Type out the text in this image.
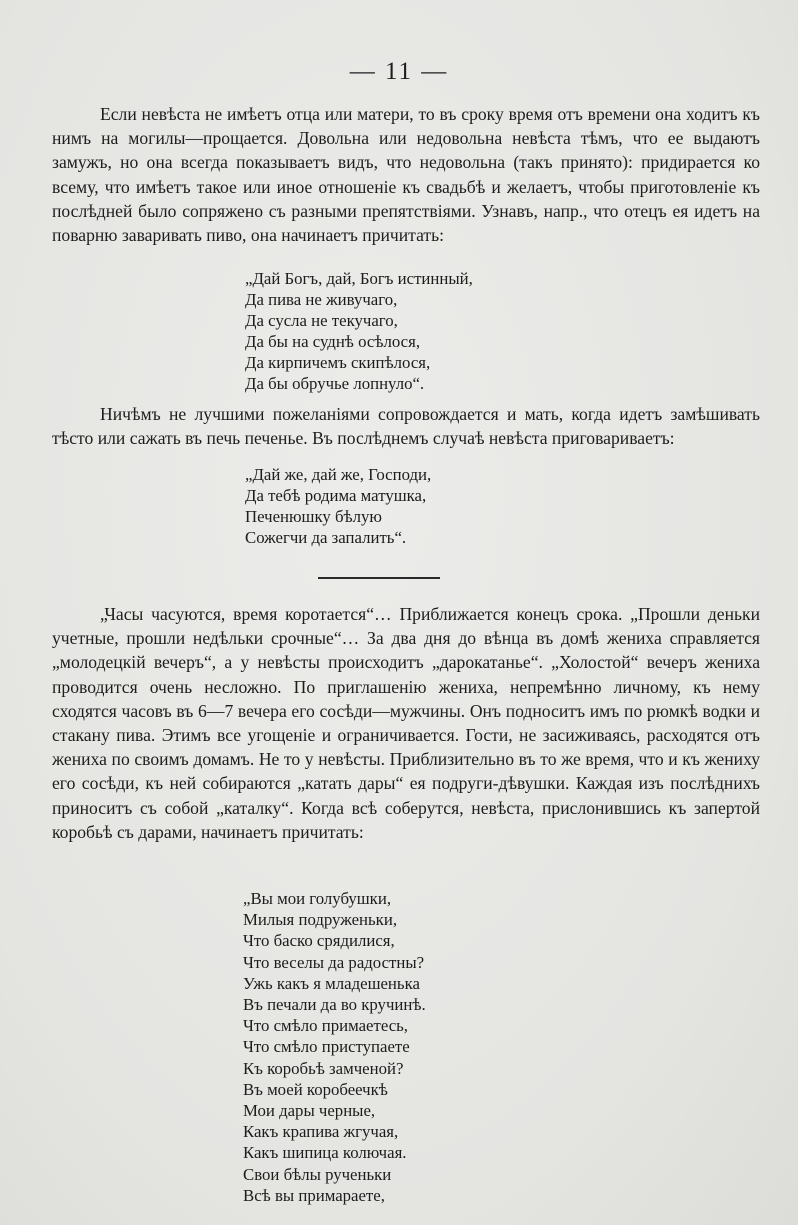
— 11 —

Если невѣста не имѣетъ отца или матери, то въ сроку время отъ времени она ходитъ къ нимъ на могилы—прощается. Довольна или недовольна невѣста тѣмъ, что ее выдаютъ замужъ, но она всегда показываетъ видъ, что недовольна (такъ принято): придирается ко всему, что имѣетъ такое или иное отношеніе къ свадьбѣ и желаетъ, чтобы приготовленіе къ послѣдней было сопряжено съ разными препятствіями. Узнавъ, напр., что отецъ ея идетъ на поварню заваривать пиво, она начинаетъ причитать:

„Дай Богъ, дай, Богъ истинный,
Да пива не живучаго,
Да сусла не текучаго,
Да бы на суднѣ осѣлося,
Да кирпичемъ скипѣлося,
Да бы обручье лопнуло“.

Ничѣмъ не лучшими пожеланіями сопровождается и мать, когда идетъ замѣшивать тѣсто или сажать въ печь печенье. Въ послѣднемъ случаѣ невѣста приговариваетъ:

„Дай же, дай же, Господи,
Да тебѣ родима матушка,
Печенюшку бѣлую
Сожегчи да запалить“.

„Часы часуются, время коротается“… Приближается конецъ срока. „Прошли деньки учетные, прошли недѣльки срочные“… За два дня до вѣнца въ домѣ жениха справляется „молодецкій вечеръ“, а у невѣсты происходитъ „дарокатанье“. „Холостой“ вечеръ жениха проводится очень несложно. По приглашенію жениха, непремѣнно личному, къ нему сходятся часовъ въ 6—7 вечера его сосѣди—мужчины. Онъ подноситъ имъ по рюмкѣ водки и стакану пива. Этимъ все угощеніе и ограничивается. Гости, не засиживаясь, расходятся отъ жениха по своимъ домамъ. Не то у невѣсты. Приблизительно въ то же время, что и къ жениху его сосѣди, къ ней собираются „катать дары“ ея подруги-дѣвушки. Каждая изъ послѣднихъ приноситъ съ собой „каталку“. Когда всѣ соберутся, невѣста, прислонившись къ запертой коробьѣ съ дарами, начинаетъ причитать:

„Вы мои голубушки,
Милыя подруженьки,
Что баско срядилися,
Что веселы да радостны?
Ужь какъ я младешенька
Въ печали да во кручинѣ.
Что смѣло примаетесь,
Что смѣло приступаете
Къ коробьѣ замченой?
Въ моей коробеечкѣ
Мои дары черные,
Какъ крапива жгучая,
Какъ шипица колючая.
Свои бѣлы рученьки
Всѣ вы примараете,
